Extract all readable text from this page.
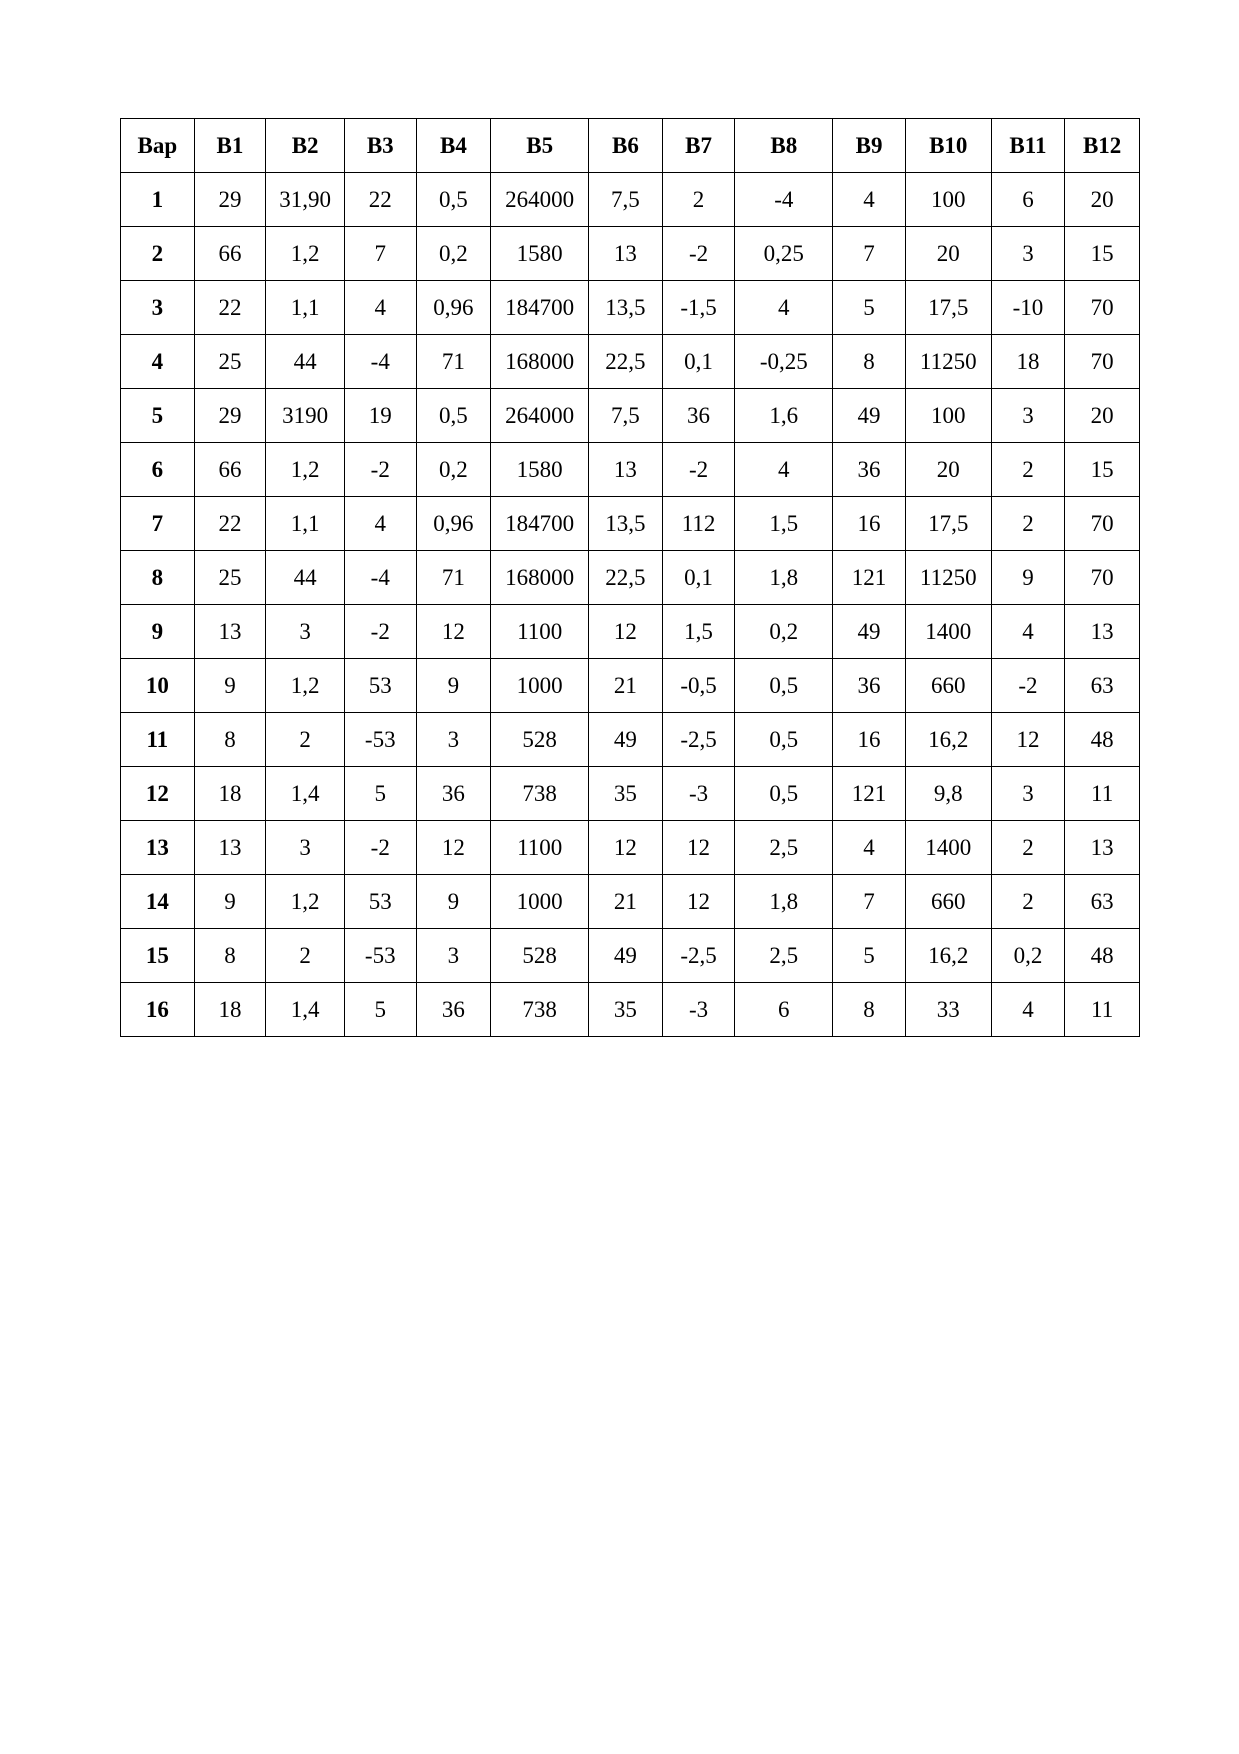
Вар	В1	В2	В3	В4	В5	В6	В7	В8	В9	В10	В11	В12
1	29	31,90	22	0,5	264000	7,5	2	-4	4	100	6	20
2	66	1,2	7	0,2	1580	13	-2	0,25	7	20	3	15
3	22	1,1	4	0,96	184700	13,5	-1,5	4	5	17,5	-10	70
4	25	44	-4	71	168000	22,5	0,1	-0,25	8	11250	18	70
5	29	3190	19	0,5	264000	7,5	36	1,6	49	100	3	20
6	66	1,2	-2	0,2	1580	13	-2	4	36	20	2	15
7	22	1,1	4	0,96	184700	13,5	112	1,5	16	17,5	2	70
8	25	44	-4	71	168000	22,5	0,1	1,8	121	11250	9	70
9	13	3	-2	12	1100	12	1,5	0,2	49	1400	4	13
10	9	1,2	53	9	1000	21	-0,5	0,5	36	660	-2	63
11	8	2	-53	3	528	49	-2,5	0,5	16	16,2	12	48
12	18	1,4	5	36	738	35	-3	0,5	121	9,8	3	11
13	13	3	-2	12	1100	12	12	2,5	4	1400	2	13
14	9	1,2	53	9	1000	21	12	1,8	7	660	2	63
15	8	2	-53	3	528	49	-2,5	2,5	5	16,2	0,2	48
16	18	1,4	5	36	738	35	-3	6	8	33	4	11
